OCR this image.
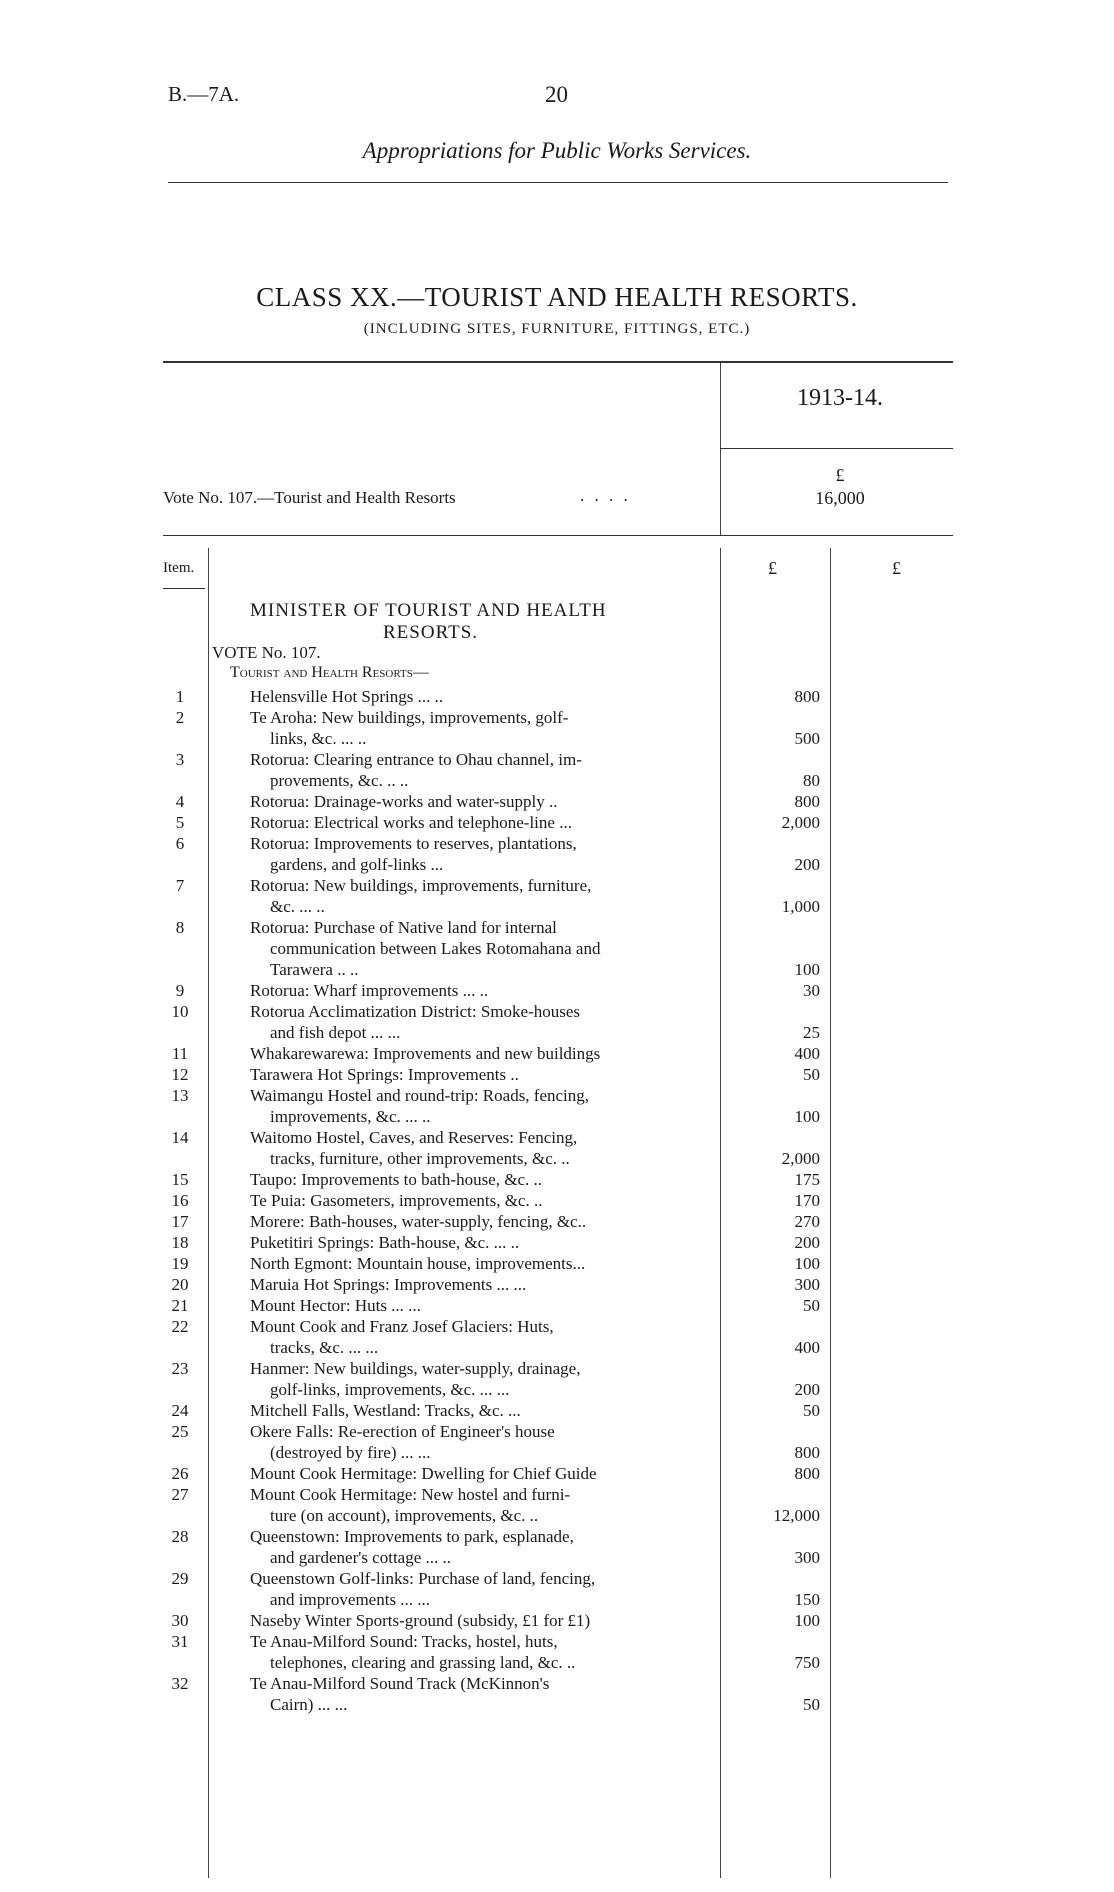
B.—7A.	20
Appropriations for Public Works Services.
CLASS XX.—TOURIST AND HEALTH RESORTS.
(INCLUDING SITES, FURNITURE, FITTINGS, ETC.)
1913-14.
£
Vote No. 107.—Tourist and Health Resorts	. . . .	16,000
Item.	£	£
MINISTER OF TOURIST AND HEALTH
RESORTS.
VOTE No. 107.
Tourist and Health Resorts—
1	Helensville Hot Springs ... ..	800
2	Te Aroha: New buildings, improvements, golf-
links, &c. ... ..	500
3	Rotorua: Clearing entrance to Ohau channel, im-
provements, &c. .. ..	80
4	Rotorua: Drainage-works and water-supply ..	800
5	Rotorua: Electrical works and telephone-line ...	2,000
6	Rotorua: Improvements to reserves, plantations,
gardens, and golf-links ...	200
7	Rotorua: New buildings, improvements, furniture,
&c. ... ..	1,000
8	Rotorua: Purchase of Native land for internal
communication between Lakes Rotomahana and
Tarawera .. ..	100
9	Rotorua: Wharf improvements ... ..	30
10	Rotorua Acclimatization District: Smoke-houses
and fish depot ... ...	25
11	Whakarewarewa: Improvements and new buildings	400
12	Tarawera Hot Springs: Improvements ..	50
13	Waimangu Hostel and round-trip: Roads, fencing,
improvements, &c. ... ..	100
14	Waitomo Hostel, Caves, and Reserves: Fencing,
tracks, furniture, other improvements, &c. ..	2,000
15	Taupo: Improvements to bath-house, &c. ..	175
16	Te Puia: Gasometers, improvements, &c. ..	170
17	Morere: Bath-houses, water-supply, fencing, &c..	270
18	Puketitiri Springs: Bath-house, &c. ... ..	200
19	North Egmont: Mountain house, improvements...	100
20	Maruia Hot Springs: Improvements ... ...	300
21	Mount Hector: Huts ... ...	50
22	Mount Cook and Franz Josef Glaciers: Huts,
tracks, &c. ... ...	400
23	Hanmer: New buildings, water-supply, drainage,
golf-links, improvements, &c. ... ...	200
24	Mitchell Falls, Westland: Tracks, &c. ...	50
25	Okere Falls: Re-erection of Engineer's house
(destroyed by fire) ... ...	800
26	Mount Cook Hermitage: Dwelling for Chief Guide	800
27	Mount Cook Hermitage: New hostel and furni-
ture (on account), improvements, &c. ..	12,000
28	Queenstown: Improvements to park, esplanade,
and gardener's cottage ... ..	300
29	Queenstown Golf-links: Purchase of land, fencing,
and improvements ... ...	150
30	Naseby Winter Sports-ground (subsidy, £1 for £1)	100
31	Te Anau-Milford Sound: Tracks, hostel, huts,
telephones, clearing and grassing land, &c. ..	750
32	Te Anau-Milford Sound Track (McKinnon's
Cairn) ... ...	50
